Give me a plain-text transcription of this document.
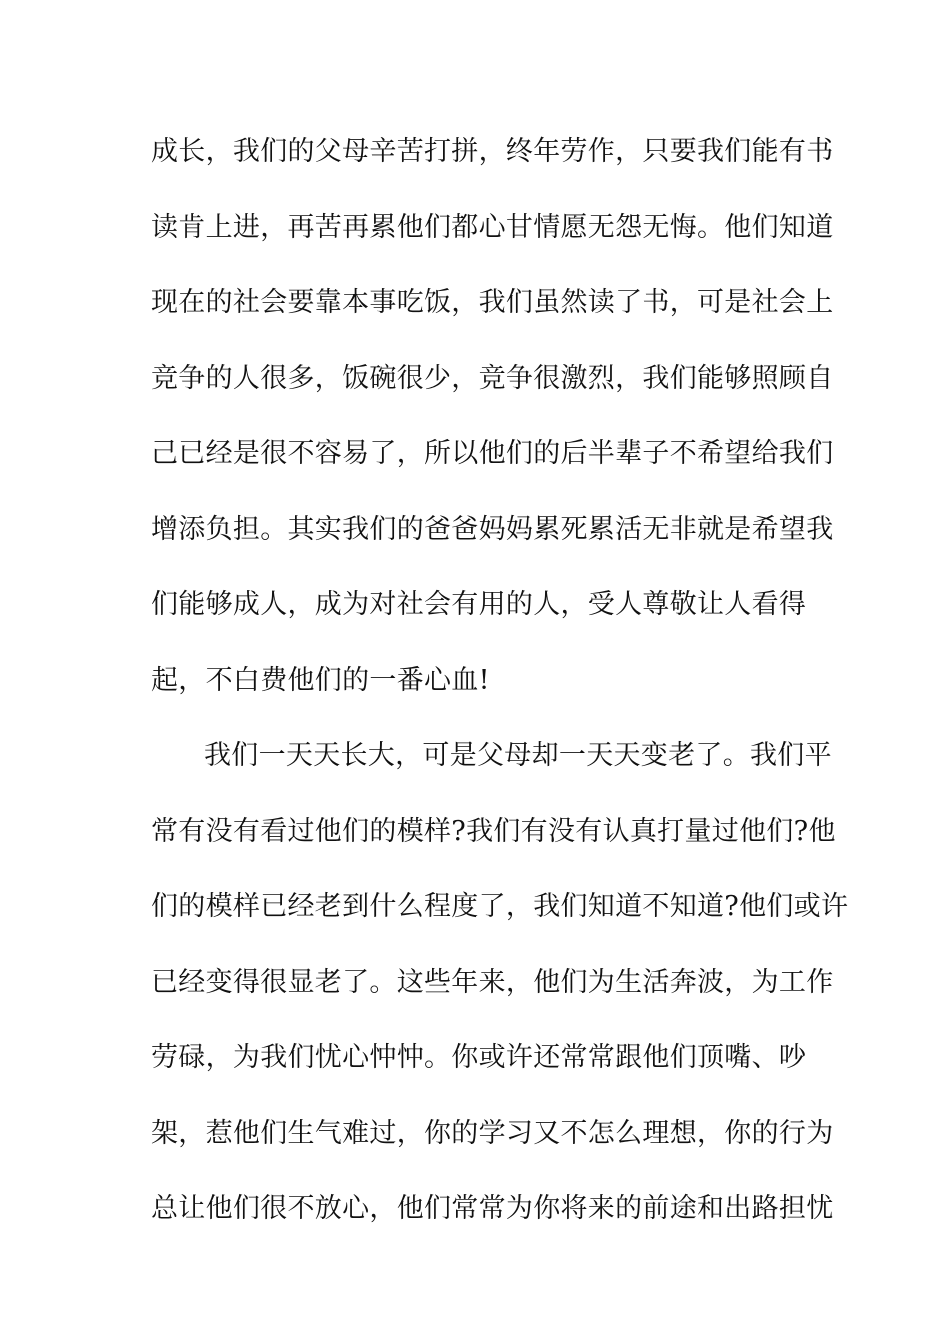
成长，我们的父母辛苦打拼，终年劳作，只要我们能有书
读肯上进，再苦再累他们都心甘情愿无怨无悔。他们知道
现在的社会要靠本事吃饭，我们虽然读了书，可是社会上
竞争的人很多，饭碗很少，竞争很激烈，我们能够照顾自
己已经是很不容易了，所以他们的后半辈子不希望给我们
增添负担。其实我们的爸爸妈妈累死累活无非就是希望我
们能够成人，成为对社会有用的人，受人尊敬让人看得
起，不白费他们的一番心血!
我们一天天长大，可是父母却一天天变老了。我们平
常有没有看过他们的模样?我们有没有认真打量过他们?他
们的模样已经老到什么程度了，我们知道不知道?他们或许
已经变得很显老了。这些年来，他们为生活奔波，为工作
劳碌，为我们忧心忡忡。你或许还常常跟他们顶嘴、吵
架，惹他们生气难过，你的学习又不怎么理想，你的行为
总让他们很不放心，他们常常为你将来的前途和出路担忧
